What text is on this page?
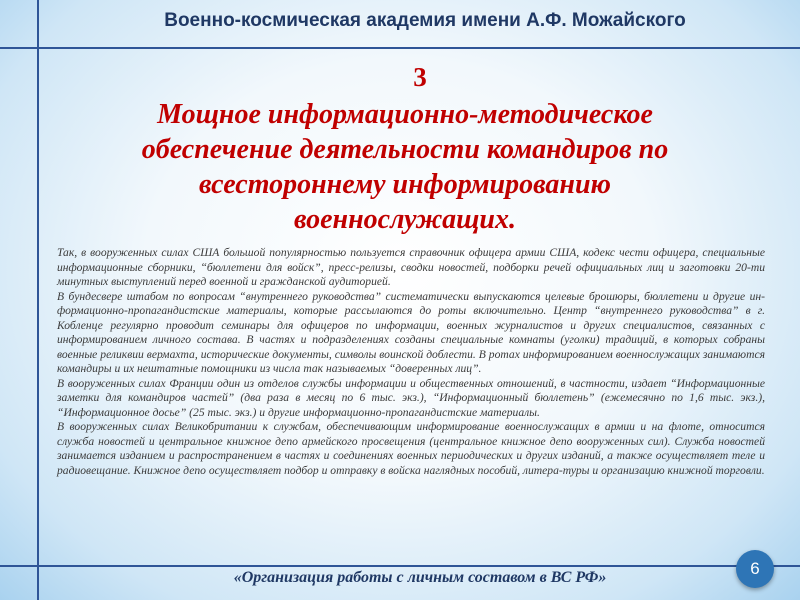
Военно-космическая академия имени А.Ф. Можайского
3
Мощное информационно-методическое обеспечение деятельности командиров по всестороннему информированию военнослужащих.

Так, в вооруженных силах США большой популярностью пользуется справочник офицера армии США, кодекс чести офицера, специальные информационные сборники, “бюллетени для войск”, пресс-релизы, сводки новостей, подборки речей официальных лиц и заготовки 20-ти минутных выступлений перед военной и гражданской аудиторией.

В бундесвере штабом по вопросам “внутреннего руководства” систематически выпускаются целевые брошюры, бюллетени и другие ин-формационно-пропагандистские материалы, которые рассылаются до роты включительно. Центр “внутреннего руководства” в г. Кобленце регулярно проводит семинары для офицеров по информации, военных журналистов и других специалистов, связанных с информированием личного состава. В частях и подразделениях созданы специальные комнаты (уголки) традиций, в которых собраны военные реликвии вермахта, исторические документы, символы воинской доблести. В ротах информированием военнослужащих занимаются командиры и их нештатные помощники из числа так называемых “доверенных лиц”.

В вооруженных силах Франции один из отделов службы информации и общественных отношений, в частности, издает “Информационные заметки для командиров частей” (два раза в месяц по 6 тыс. экз.), “Информационный бюллетень” (ежемесячно по 1,6 тыс. экз.), “Информационное досье” (25 тыс. экз.) и другие информационно-пропагандистские материалы.

В вооруженных силах Великобритании к службам, обеспечивающим информирование военнослужащих в армии и на флоте, относится служба новостей и центральное книжное депо армейского просвещения (центральное книжное депо вооруженных сил). Служба новостей занимается изданием и распространением в частях и соединениях военных периодических и других изданий, а также осуществляет теле и радиовещание. Книжное депо осуществляет подбор и отправку в войска наглядных пособий, литера-туры и организацию книжной торговли.

«Организация работы с личным составом в ВС РФ»	6
